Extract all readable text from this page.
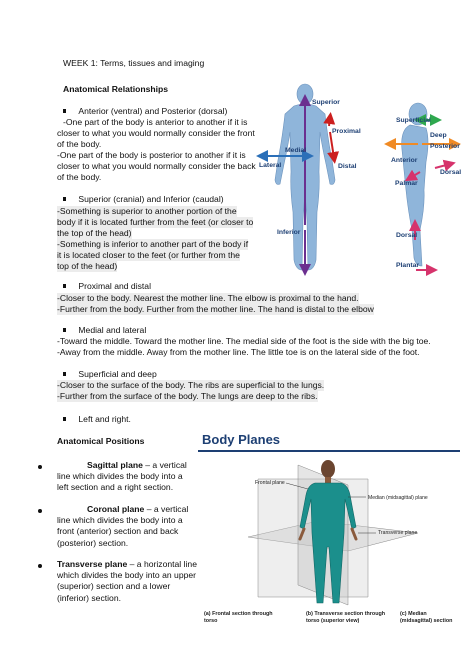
WEEK 1: Terms, tissues and imaging
Anatomical Relationships
Anterior (ventral) and Posterior (dorsal)
-One part of the body is anterior to another if it is
closer to what you would normally consider the front
of the body.
-One part of the body is posterior to another if it is
closer to what you would normally consider the back
of the body.
Superior (cranial) and Inferior (caudal)
-Something is superior to another portion of the
body if it is located further from the feet (or closer to
the top of the head)
-Something is inferior to another part of the body if
it is located closer to the feet (or further from the
top of the head)
Proximal and distal
-Closer to the body. Nearest the mother line. The elbow is proximal to the hand.
-Further from the body. Further from the mother line. The hand is distal to the elbow
Medial and lateral
-Toward the middle. Toward the mother line. The medial side of the foot is the side with the big toe.
-Away from the middle. Away from the mother line. The little toe is on the lateral side of the foot.
Superficial and deep
-Closer to the surface of the body. The ribs are superficial to the lungs.
-Further from the surface of the body. The lungs are deep to the ribs.
Left and right.
Anatomical Positions
Sagittal plane – a vertical
line which divides the body into a
left section and a right section.
Coronal plane – a vertical
line which divides the body into a
front (anterior) section and back
(posterior) section.
Transverse plane – a horizontal line
which divides the body into an upper
(superior) section and a lower
(inferior) section.
Superior
Proximal
Medial
Lateral	Distal
Inferior
Superficial
Deep
Posterior
Anterior
Dorsal
Palmar
Dorsal
Plantar
Body Planes
Frontal plane
Median (midsagittal) plane
Transverse plane
(a) Frontal section through
torso
(b) Transverse section through
torso (superior view)
(c) Median
(midsagittal) section
